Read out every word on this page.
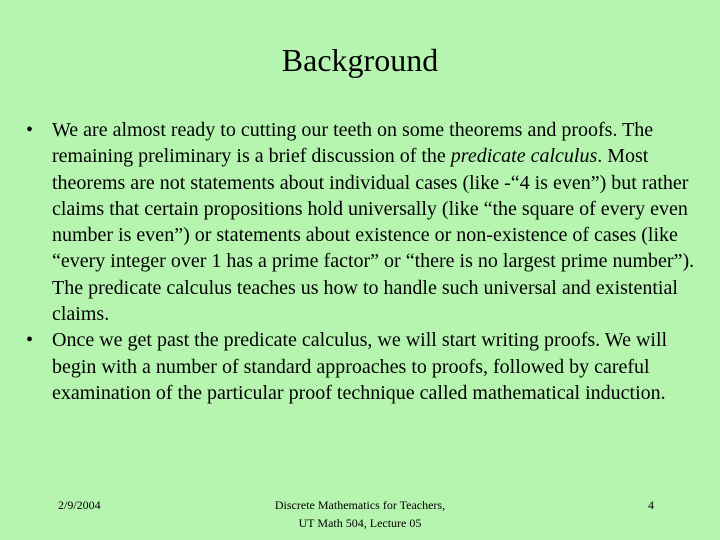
Background
• We are almost ready to cutting our teeth on some theorems and proofs. The remaining preliminary is a brief discussion of the predicate calculus. Most theorems are not statements about individual cases (like -“4 is even”) but rather claims that certain propositions hold universally (like “the square of every even number is even”) or statements about existence or non-existence of cases (like “every integer over 1 has a prime factor” or “there is no largest prime number”). The predicate calculus teaches us how to handle such universal and existential claims.
• Once we get past the predicate calculus, we will start writing proofs. We will begin with a number of standard approaches to proofs, followed by careful examination of the particular proof technique called mathematical induction.
2/9/2004	Discrete Mathematics for Teachers,
UT Math 504, Lecture 05
4
